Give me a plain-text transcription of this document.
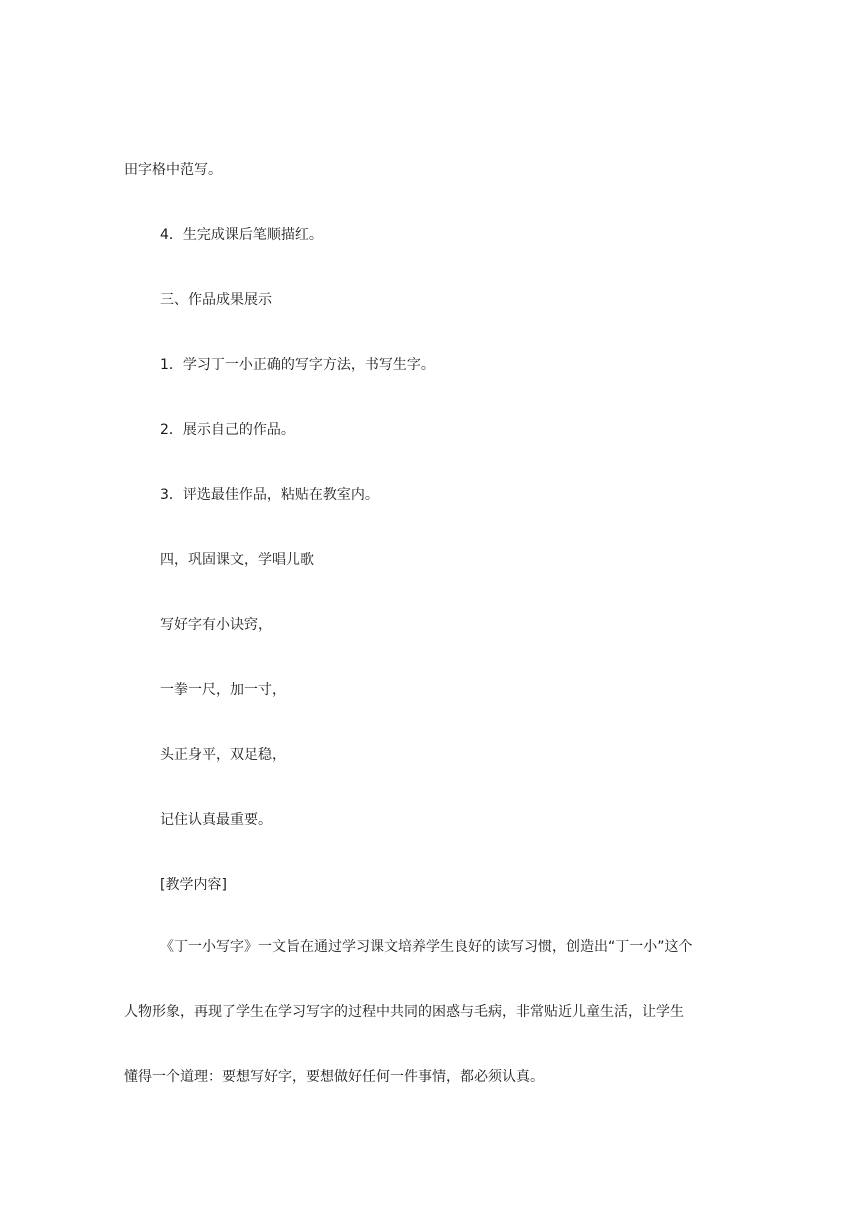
田字格中范写。
4．生完成课后笔顺描红。
三、作品成果展示
1．学习丁一小正确的写字方法，书写生字。
2．展示自己的作品。
3．评选最佳作品，粘贴在教室内。
四，巩固课文，学唱儿歌
写好字有小诀窍，
一拳一尺，加一寸，
头正身平，双足稳，
记住认真最重要。
[教学内容]
《丁一小写字》一文旨在通过学习课文培养学生良好的读写习惯，创造出“丁一小”这个
人物形象，再现了学生在学习写字的过程中共同的困惑与毛病，非常贴近儿童生活，让学生
懂得一个道理：要想写好字，要想做好任何一件事情，都必须认真。
